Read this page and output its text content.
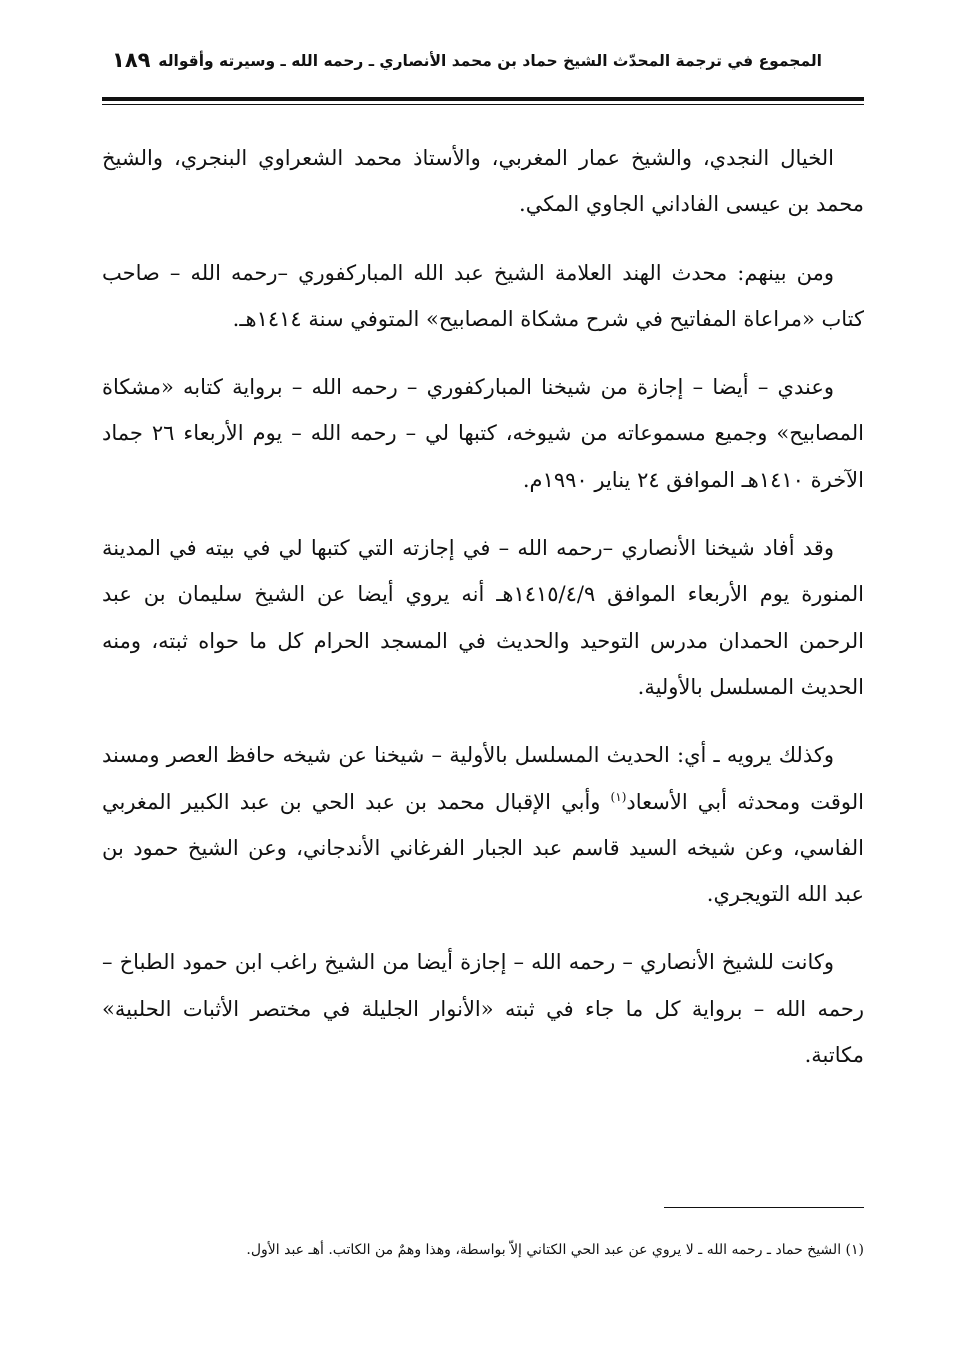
المجموع في ترجمة المحدّث الشيخ حماد بن محمد الأنصاري ـ رحمه الله ـ وسيرته وأقواله
١٨٩

الخيال النجدي، والشيخ عمار المغربي، والأستاذ محمد الشعراوي البنجري، والشيخ محمد بن عيسى الفاداني الجاوي المكي.

ومن بينهم: محدث الهند العلامة الشيخ عبد الله المباركفوري –رحمه الله – صاحب كتاب «مراعاة المفاتيح في شرح مشكاة المصابيح» المتوفي سنة ١٤١٤هـ.

وعندي – أيضا – إجازة من شيخنا المباركفوري – رحمه الله – برواية كتابه «مشكاة المصابيح» وجميع مسموعاته من شيوخه، كتبها لي – رحمه الله – يوم الأربعاء ٢٦ جماد الآخرة ١٤١٠هـ الموافق ٢٤ يناير ١٩٩٠م.

وقد أفاد شيخنا الأنصاري –رحمه الله – في إجازته التي كتبها لي في بيته في المدينة المنورة يوم الأربعاء الموافق ١٤١٥/٤/٩هـ أنه يروي أيضا عن الشيخ سليمان بن عبد الرحمن الحمدان مدرس التوحيد والحديث في المسجد الحرام كل ما حواه ثبته، ومنه الحديث المسلسل بالأولية.

وكذلك يرويه ـ أي: الحديث المسلسل بالأولية – شيخنا عن شيخه حافظ العصر ومسند الوقت ومحدثه أبي الأسعاد$^{(١)}$ وأبي الإقبال محمد بن عبد الحي بن عبد الكبير المغربي الفاسي، وعن شيخه السيد قاسم عبد الجبار الفرغاني الأندجاني، وعن الشيخ حمود بن عبد الله التويجري.

وكانت للشيخ الأنصاري – رحمه الله – إجازة أيضا من الشيخ راغب ابن حمود الطباخ – رحمه الله – برواية كل ما جاء في ثبته «الأنوار الجليلة في مختصر الأثبات الحلبية» مكاتبة.

(١) الشيخ حماد ـ رحمه الله ـ لا يروي عن عبد الحي الكتاني إلاّ بواسطة، وهذا وهمٌ من الكاتب. أهـ عبد الأول.
